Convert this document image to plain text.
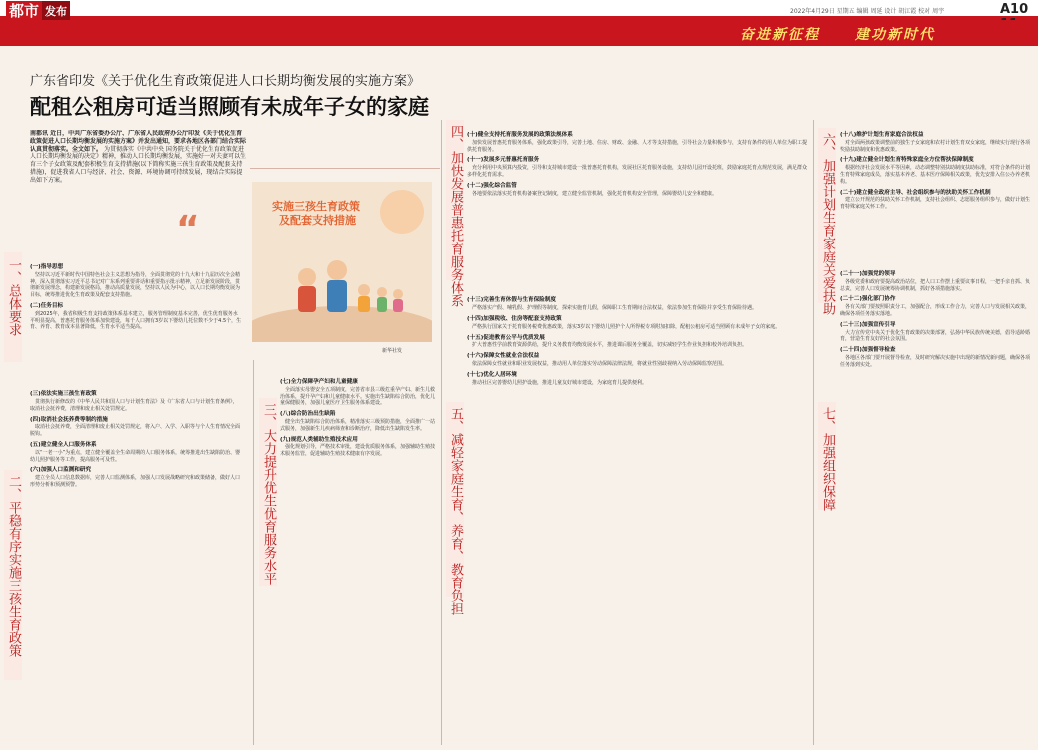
都市 发布	2022年4月29日 星期五 编辑 周延 设计 胡江霞 校对 周宇	A10
奋进新征程	建功新时代
广东省印发《关于优化生育政策促进人口长期均衡发展的实施方案》
配租公租房可适当照顾有未成年子女的家庭
南都讯 近日，中共广东省委办公厅、广东省人民政府办公厅印发《关于优化生育政策促进人口长期均衡发展的实施方案》并发出通知，要求各地区各部门结合实际认真贯彻落实。全文如下。 为贯彻落实《中共中央 国务院关于优化生育政策促进人口长期均衡发展的决定》精神，推动人口长期均衡发展，实施好一对夫妻可以生育三个子女政策及配套积极生育支持措施(以下简称实施三孩生育政策及配套支持措施)，促进我省人口与经济、社会、资源、环境协调可持续发展，现结合实际提出如下方案。
“
实施三孩生育政策
及配套支持措施
新华社发
一、总体要求
二、平稳有序实施三孩生育政策	三、大力提升优生优育服务水平
四、加快发展普惠托育服务体系
五、减轻家庭生育、养育、教育负担
六、加强计划生育家庭关爱扶助
七、加强组织保障
(一)指导思想

坚持以习近平新时代中国特色社会主义思想为指导，全面贯彻党的十九大和十九届历次全会精神，深入贯彻落实习近平总书记对广东系列重要讲话和重要指示批示精神，立足新发展阶段，贯彻新发展理念，构建新发展格局，推动高质量发展，坚持以人民为中心，以人口长期均衡发展为目标，统筹推进优化生育政策及配套支持措施。

(二)任务目标

到2025年，我省积极生育支持政策体系基本建立，服务管理制度基本完善，优生优育服务水平明显提高，普惠托育服务体系加快建设，每千人口拥有3岁以下婴幼儿托位数不少于4.5个，生育、养育、教育成本显著降低，生育水平适当提高。

(三)依法实施三孩生育政策

贯彻执行新修改的《中华人民共和国人口与计划生育法》及《广东省人口与计划生育条例》，取消社会抚养费，清理和废止相关处罚规定。

(四)取消社会抚养费等制约措施

取消社会抚养费，全面清理和废止相关处罚规定，将入户、入学、入职等与个人生育情况全面脱钩。

(五)建立健全人口服务体系

以“一老一小”为重点，建立健全覆盖全生命周期的人口服务体系，统筹推进出生缺陷防治、婴幼儿照护服务等工作，提高服务可及性。

(六)加强人口监测和研究

建立全员人口信息数据库，完善人口监测体系，加强人口发展战略研究和政策储备，做好人口形势分析和预测预警。

(七)全力保障孕产妇和儿童健康

全面落实母婴安全五项制度，完善省市县三级危重孕产妇、新生儿救治体系，提升孕产妇和儿童健康水平。实施出生缺陷综合防治，优化儿童保健服务，加强儿童医疗卫生服务体系建设。

(八)综合防治出生缺陷

健全出生缺陷综合防治体系，精准落实三级预防措施，全面推广一站式服务，加强新生儿疾病筛查和诊断治疗，降低出生缺陷发生率。

(九)规范人类辅助生殖技术应用

强化规划引导，严格技术审批，建设优质服务体系，加强辅助生殖技术服务监管，促进辅助生殖技术健康有序发展。

(十)健全支持托育服务发展的政策法规体系

加快发展普惠托育服务体系，强化政策引导，完善土地、住房、财政、金融、人才等支持措施，引导社会力量积极参与，支持有条件的用人单位为职工提供托育服务。

(十一)发展多元普惠托育服务

充分利用中央预算内投资，引导和支持城市建设一批普惠托育机构，发展社区托育服务设施，支持幼儿园开设托班，鼓励家庭托育点规范发展，满足群众多样化托育需求。

(十二)强化综合监管

各地要依法落实托育机构备案登记制度，建立健全监管机制，强化托育机构安全管理，保障婴幼儿安全和健康。

(十三)完善生育休假与生育保险制度

严格落实产假、哺乳假、护理假等制度，探索实施育儿假，保障职工生育期间合法权益，依法参加生育保险并享受生育保险待遇。

(十四)加强税收、住房等配套支持政策

严格执行国家关于托育服务税费优惠政策，落实3岁以下婴幼儿照护个人所得税专项附加扣除，配租公租房可适当照顾有未成年子女的家庭。

(十五)促进教育公平与优质发展

扩大普惠性学前教育资源供给，提升义务教育均衡发展水平，推进课后服务全覆盖，切实减轻学生作业负担和校外培训负担。

(十六)保障女性就业合法权益

依法保障女性就业和职业发展权益，推动用人单位落实劳动保障法律法规，将就业性别歧视纳入劳动保障监察范围。

(十七)优化人居环境

推动社区完善婴幼儿照护设施，推进儿童友好城市建设，为家庭育儿提供便利。

(十八)维护计划生育家庭合法权益

对全面两孩政策调整前的独生子女家庭和农村计划生育双女家庭，继续实行现行各项奖励扶助制度和优惠政策。

(十九)建立健全计划生育特殊家庭全方位帮扶保障制度

根据经济社会发展水平等因素，动态调整特别扶助制度扶助标准，对符合条件的计划生育特殊家庭成员，落实基本养老、基本医疗保障相关政策，优先安排入住公办养老机构。

(二十)建立健全政府主导、社会组织参与的扶助关怀工作机制

建立公开规范的扶助关怀工作机制，支持社会组织、志愿服务组织参与，做好计划生育特殊家庭关怀工作。

(二十一)加强党的领导

各级党委和政府要提高政治站位，把人口工作摆上重要议事日程，一把手亲自抓、负总责，完善人口发展统筹协调机制，抓好各项措施落实。

(二十二)强化部门协作

各有关部门要按照职责分工，加强配合，形成工作合力，完善人口与发展相关政策，确保各项任务落实落地。

(二十三)加强宣传引导

大力宣传党中央关于优化生育政策的决策部署，弘扬中华民族传统美德，倡导适龄婚育，营造生育友好的社会氛围。

(二十四)加强督导检查

各地区各部门要开展督导检查，及时研究解决实施中出现的新情况新问题，确保各项任务落到实处。
